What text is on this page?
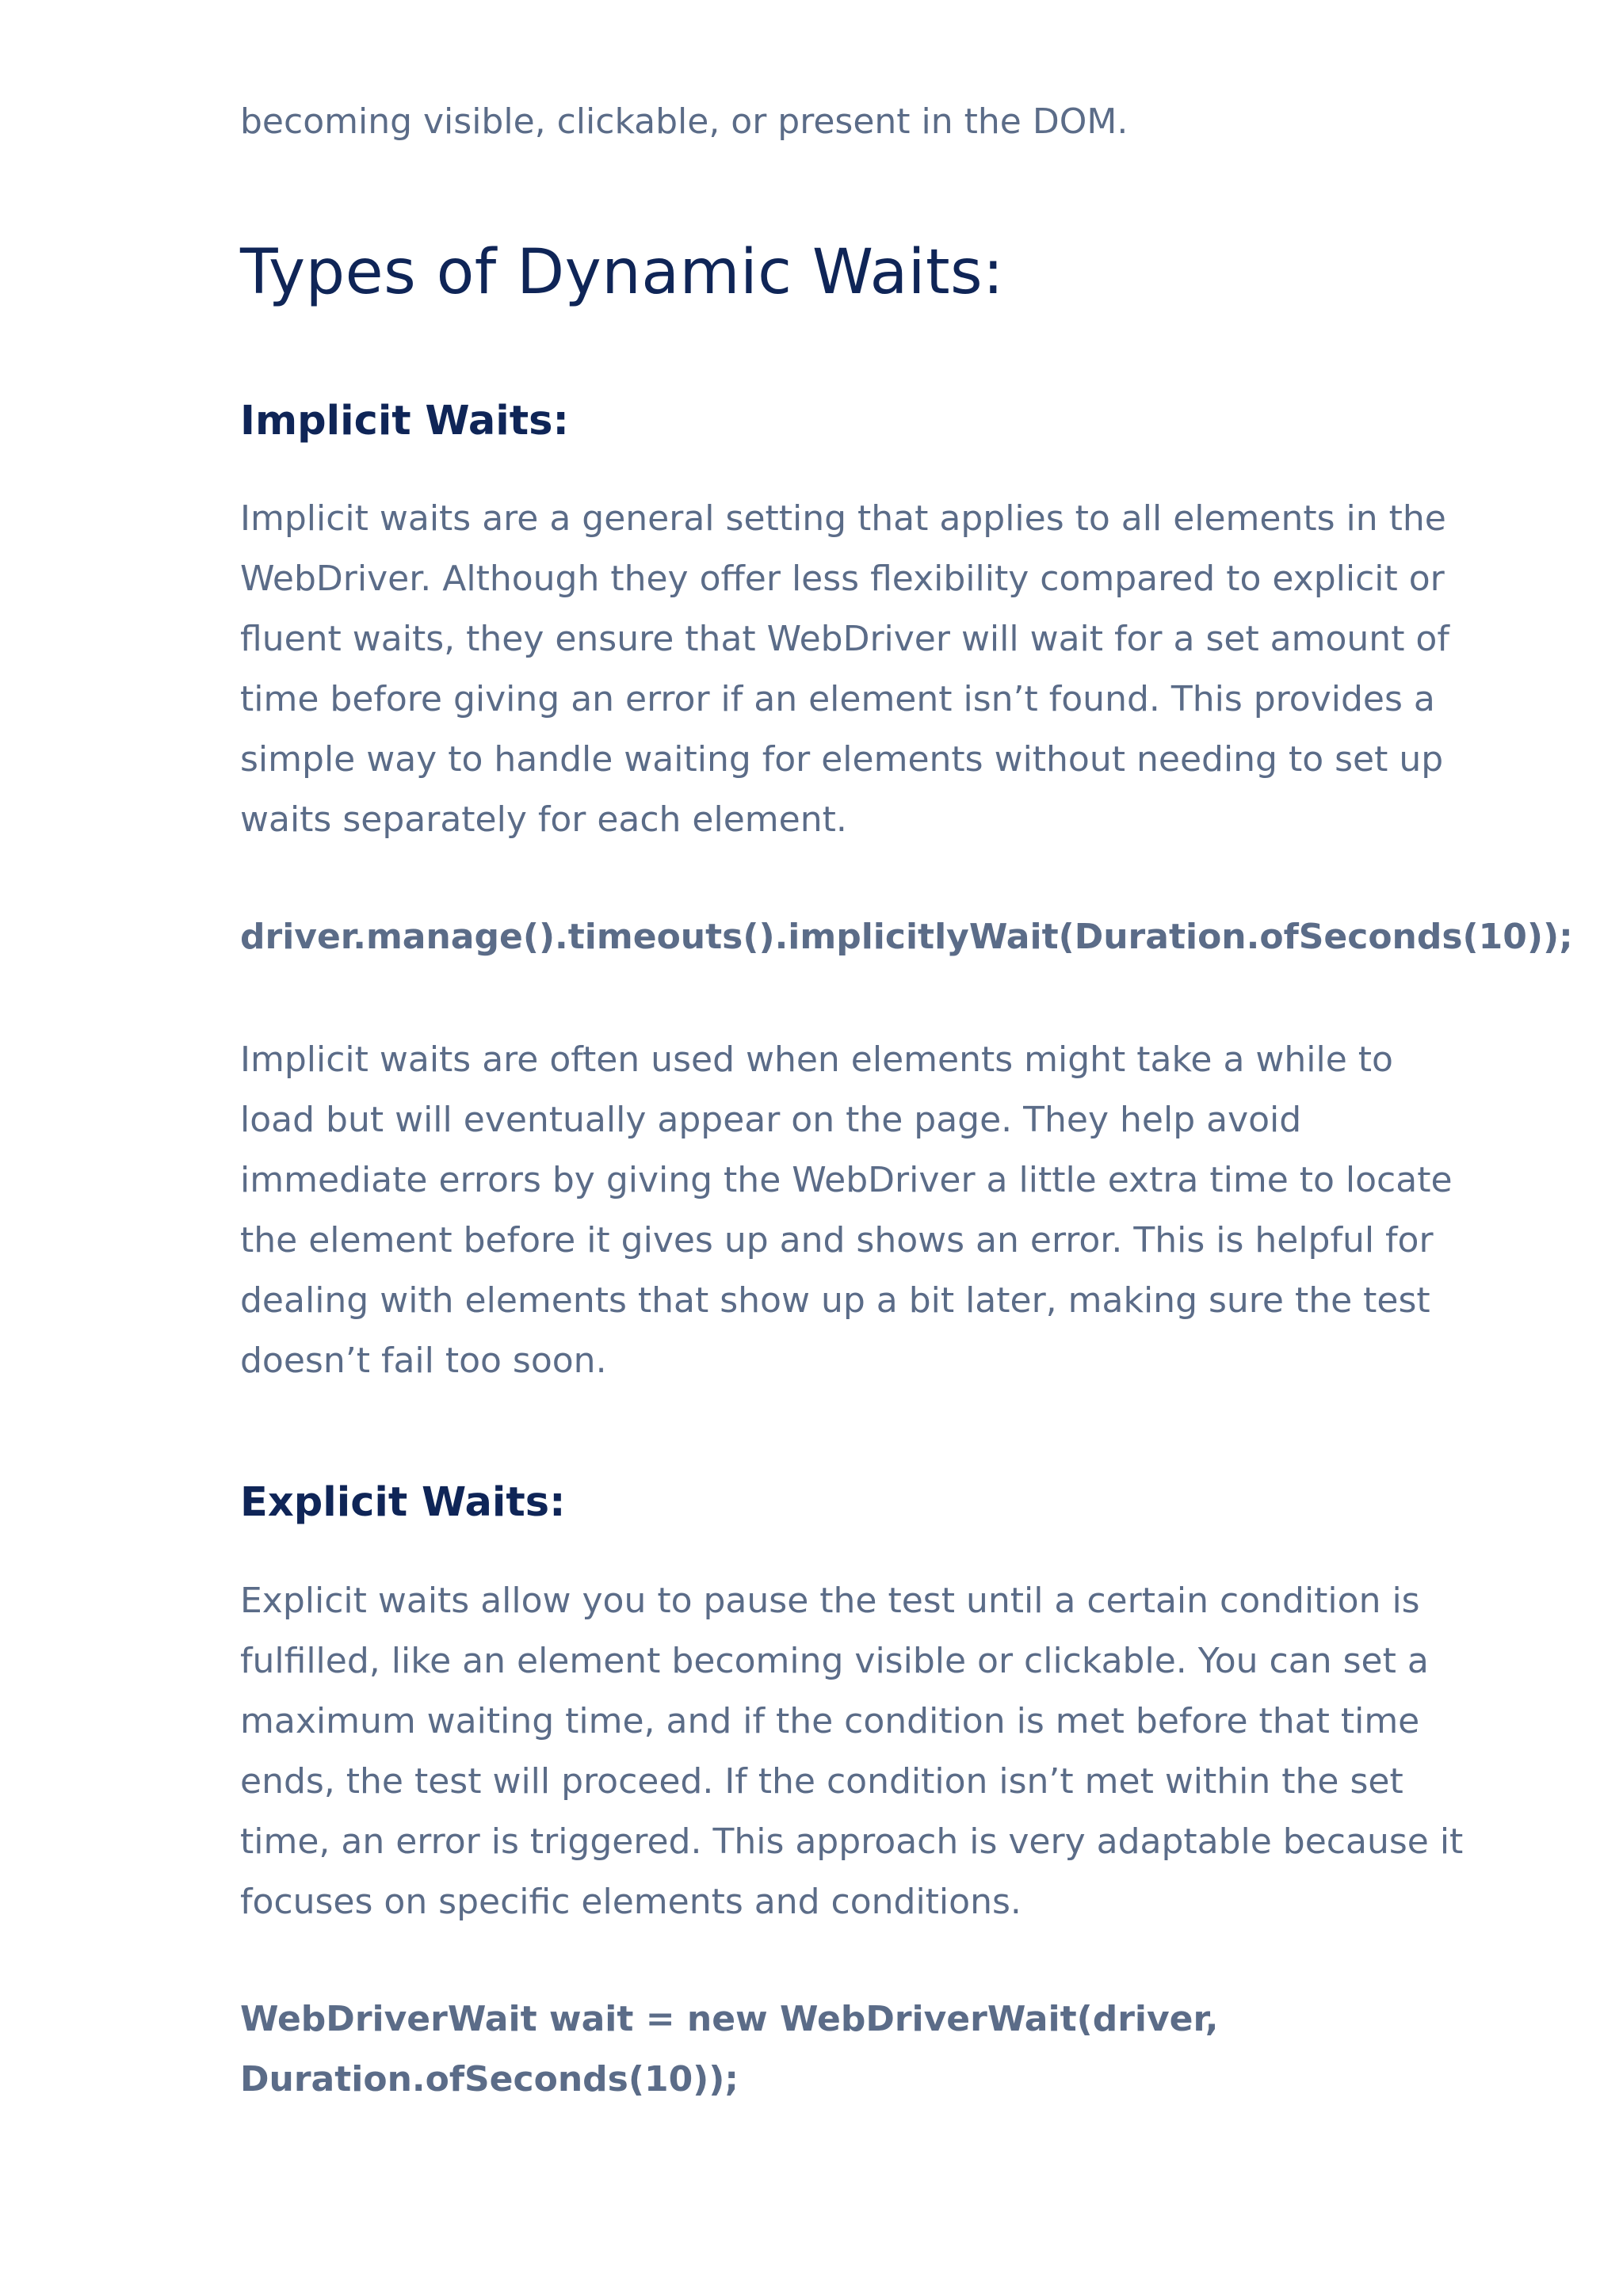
becoming visible, clickable, or present in the DOM.

Types of Dynamic Waits:
Implicit Waits:

Implicit waits are a general setting that applies to all elements in the
WebDriver. Although they offer less flexibility compared to explicit or
fluent waits, they ensure that WebDriver will wait for a set amount of
time before giving an error if an element isn’t found. This provides a
simple way to handle waiting for elements without needing to set up
waits separately for each element.

driver.manage().timeouts().implicitlyWait(Duration.ofSeconds(10));

Implicit waits are often used when elements might take a while to
load but will eventually appear on the page. They help avoid
immediate errors by giving the WebDriver a little extra time to locate
the element before it gives up and shows an error. This is helpful for
dealing with elements that show up a bit later, making sure the test
doesn’t fail too soon.

Explicit Waits:

Explicit waits allow you to pause the test until a certain condition is
fulfilled, like an element becoming visible or clickable. You can set a
maximum waiting time, and if the condition is met before that time
ends, the test will proceed. If the condition isn’t met within the set
time, an error is triggered. This approach is very adaptable because it
focuses on specific elements and conditions.

WebDriverWait wait = new WebDriverWait(driver,
Duration.ofSeconds(10));
